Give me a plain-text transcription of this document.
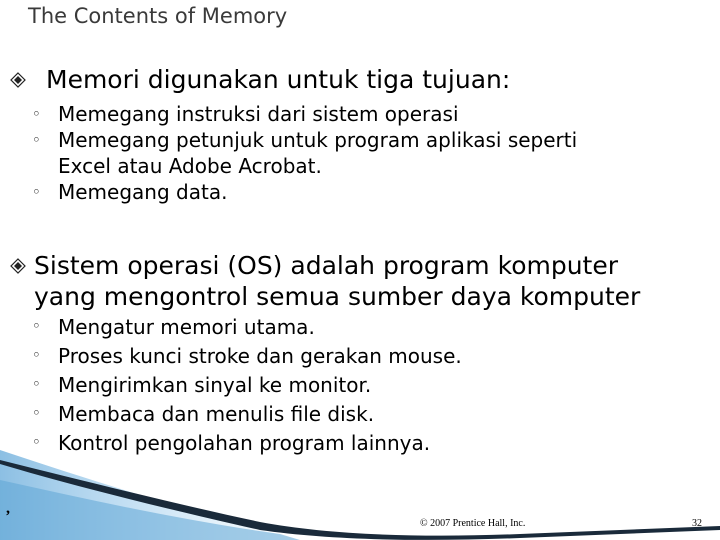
The Contents of Memory
Memori digunakan untuk tiga tujuan:
◦ Memegang instruksi dari sistem operasi
◦ Memegang petunjuk untuk program aplikasi seperti
Excel atau Adobe Acrobat.
◦ Memegang data.
Sistem operasi (OS) adalah program komputer
yang mengontrol semua sumber daya komputer
◦ Mengatur memori utama.
◦ Proses kunci stroke dan gerakan mouse.
◦ Mengirimkan sinyal ke monitor.
◦ Membaca dan menulis file disk.
◦ Kontrol pengolahan program lainnya.
,
© 2007 Prentice Hall, Inc.	32
